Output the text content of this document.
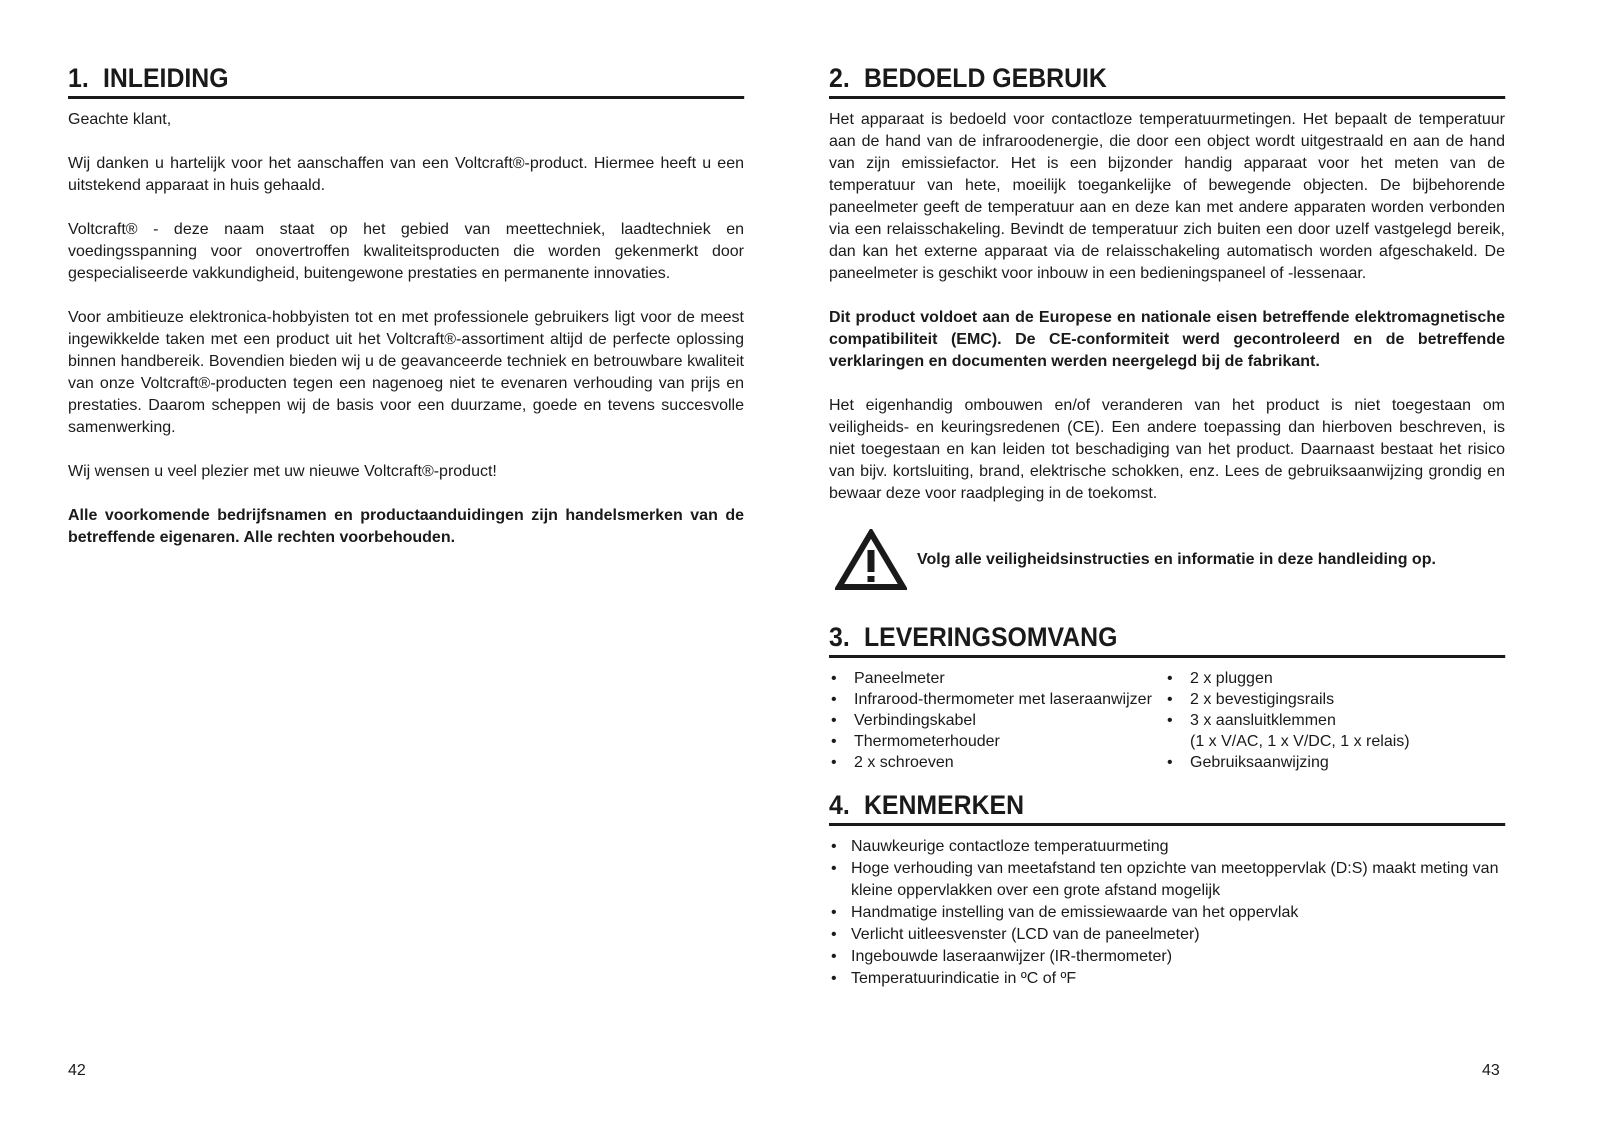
1. INLEIDING

Geachte klant,

Wij danken u hartelijk voor het aanschaffen van een Voltcraft®-product. Hiermee heeft u een uitstekend apparaat in huis gehaald.

Voltcraft® - deze naam staat op het gebied van meettechniek, laadtechniek en voedingsspanning voor onovertroffen kwaliteitsproducten die worden gekenmerkt door gespecialiseerde vakkundigheid, buitengewone prestaties en permanente innovaties.

Voor ambitieuze elektronica-hobbyisten tot en met professionele gebruikers ligt voor de meest ingewikkelde taken met een product uit het Voltcraft®-assortiment altijd de perfecte oplossing binnen handbereik. Bovendien bieden wij u de geavanceerde techniek en betrouwbare kwaliteit van onze Voltcraft®-producten tegen een nagenoeg niet te evenaren verhouding van prijs en prestaties. Daarom scheppen wij de basis voor een duurzame, goede en tevens succesvolle samenwerking.

Wij wensen u veel plezier met uw nieuwe Voltcraft®-product!

Alle voorkomende bedrijfsnamen en productaanduidingen zijn handelsmerken van de betreffende eigenaren. Alle rechten voorbehouden.

2. BEDOELD GEBRUIK

Het apparaat is bedoeld voor contactloze temperatuurmetingen. Het bepaalt de temperatuur aan de hand van de infraroodenergie, die door een object wordt uitgestraald en aan de hand van zijn emissiefactor. Het is een bijzonder handig apparaat voor het meten van de temperatuur van hete, moeilijk toegankelijke of bewegende objecten. De bijbehorende paneelmeter geeft de temperatuur aan en deze kan met andere apparaten worden verbonden via een relaisschakeling. Bevindt de temperatuur zich buiten een door uzelf vastgelegd bereik, dan kan het externe apparaat via de relaisschakeling automatisch worden afgeschakeld. De paneelmeter is geschikt voor inbouw in een bedieningspaneel of -lessenaar.

Dit product voldoet aan de Europese en nationale eisen betreffende elektromagnetische compatibiliteit (EMC). De CE-conformiteit werd gecontroleerd en de betreffende verklaringen en documenten werden neergelegd bij de fabrikant.

Het eigenhandig ombouwen en/of veranderen van het product is niet toegestaan om veiligheids- en keuringsredenen (CE). Een andere toepassing dan hierboven beschreven, is niet toegestaan en kan leiden tot beschadiging van het product. Daarnaast bestaat het risico van bijv. kortsluiting, brand, elektrische schokken, enz. Lees de gebruiksaanwijzing grondig en bewaar deze voor raadpleging in de toekomst.

Volg alle veiligheidsinstructies en informatie in deze handleiding op.
3. LEVERINGSOMVANG
• Paneelmeter
• Infrarood-thermometer met laseraanwijzer
• Verbindingskabel
• Thermometerhouder
• 2 x schroeven
• 2 x pluggen
• 2 x bevestigingsrails
• 3 x aansluitklemmen
(1 x V/AC, 1 x V/DC, 1 x relais)
• Gebruiksaanwijzing
4. KENMERKEN
• Nauwkeurige contactloze temperatuurmeting
• Hoge verhouding van meetafstand ten opzichte van meetoppervlak (D:S) maakt meting van kleine oppervlakken over een grote afstand mogelijk
• Handmatige instelling van de emissiewaarde van het oppervlak
• Verlicht uitleesvenster (LCD van de paneelmeter)
• Ingebouwde laseraanwijzer (IR-thermometer)
• Temperatuurindicatie in ºC of ºF
42	43
